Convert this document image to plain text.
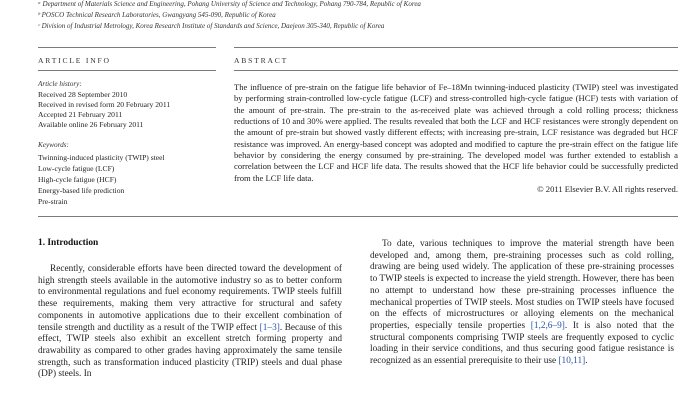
ᵃ Department of Materials Science and Engineering, Pohang University of Science and Technology, Pohang 790-784, Republic of Korea
ᵇ POSCO Technical Research Laboratories, Gwangyang 545-090, Republic of Korea
ᶜ Division of Industrial Metrology, Korea Research Institute of Standards and Science, Daejeon 305-340, Republic of Korea
ARTICLE INFO	ABSTRACT
Article history:
Received 28 September 2010
Received in revised form 20 February 2011
Accepted 21 February 2011
Available online 26 February 2011
Keywords:
Twinning-induced plasticity (TWIP) steel
Low-cycle fatigue (LCF)
High-cycle fatigue (HCF)
Energy-based life prediction
Pre-strain
The influence of pre-strain on the fatigue life behavior of Fe–18Mn twinning-induced plasticity (TWIP) steel was investigated by performing strain-controlled low-cycle fatigue (LCF) and stress-controlled high-cycle fatigue (HCF) tests with variation of the amount of pre-strain. The pre-strain to the as-received plate was achieved through a cold rolling process; thickness reductions of 10 and 30% were applied. The results revealed that both the LCF and HCF resistances were strongly dependent on the amount of pre-strain but showed vastly different effects; with increasing pre-strain, LCF resistance was degraded but HCF resistance was improved. An energy-based concept was adopted and modified to capture the pre-strain effect on the fatigue life behavior by considering the energy consumed by pre-straining. The developed model was further extended to establish a correlation between the LCF and HCF life data. The results showed that the HCF life behavior could be successfully predicted from the LCF life data.
© 2011 Elsevier B.V. All rights reserved.
1. Introduction

Recently, considerable efforts have been directed toward the development of high strength steels available in the automotive industry so as to better conform to environmental regulations and fuel economy requirements. TWIP steels fulfill these requirements, making them very attractive for structural and safety components in automotive applications due to their excellent combination of tensile strength and ductility as a result of the TWIP effect [1–3]. Because of this effect, TWIP steels also exhibit an excellent stretch forming property and drawability as compared to other grades having approximately the same tensile strength, such as transformation induced plasticity (TRIP) steels and dual phase (DP) steels. In

To date, various techniques to improve the material strength have been developed and, among them, pre-straining processes such as cold rolling, drawing are being used widely. The application of these pre-straining processes to TWIP steels is expected to increase the yield strength. However, there has been no attempt to understand how these pre-straining processes influence the mechanical properties of TWIP steels. Most studies on TWIP steels have focused on the effects of microstructures or alloying elements on the mechanical properties, especially tensile properties [1,2,6–9]. It is also noted that the structural components comprising TWIP steels are frequently exposed to cyclic loading in their service conditions, and thus securing good fatigue resistance is recognized as an essential prerequisite to their use [10,11].
